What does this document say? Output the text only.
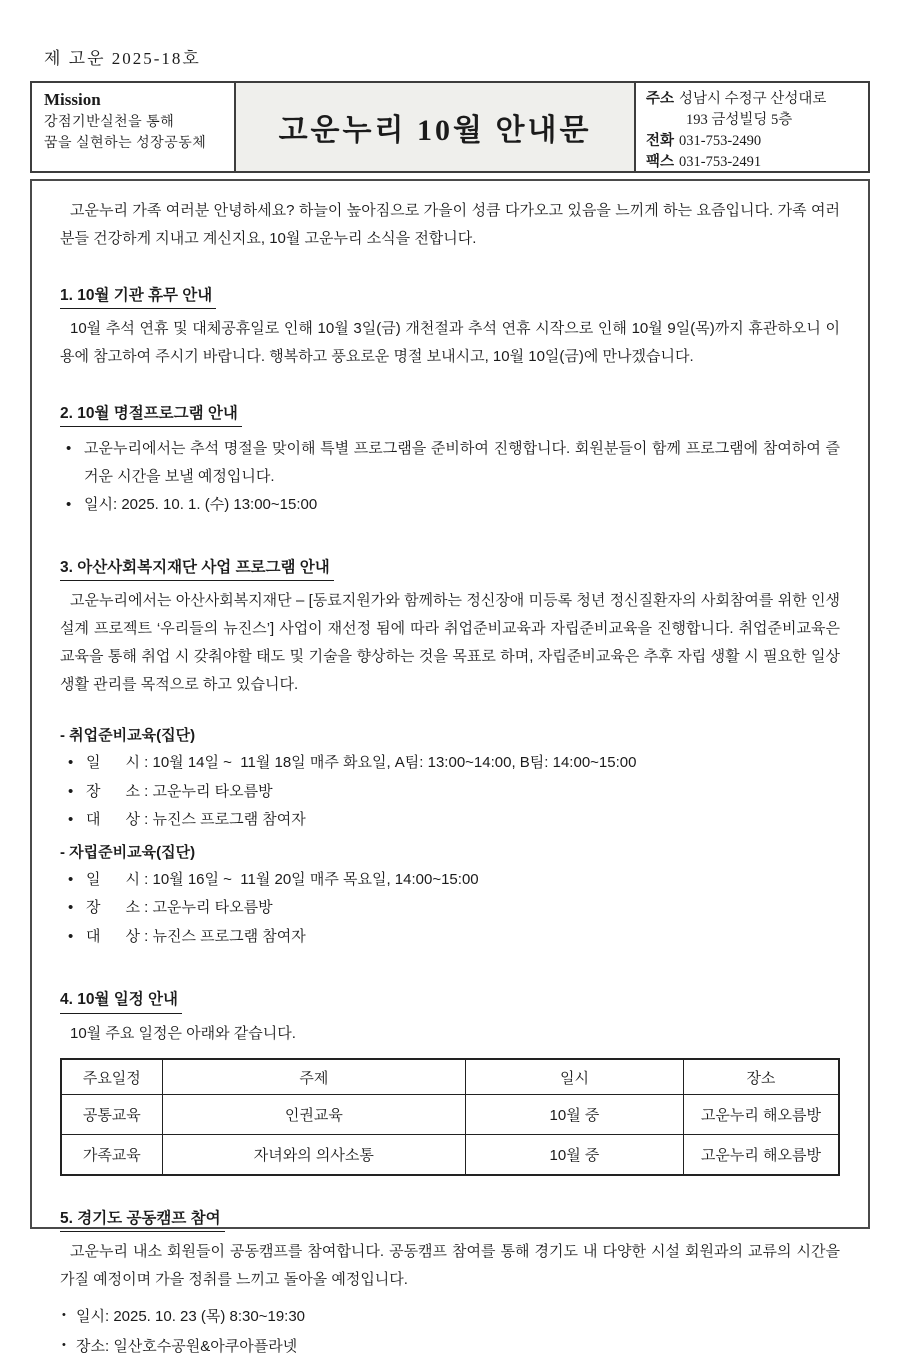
제 고운 2025-18호
Mission
강점기반실천을 통해
꿈을 실현하는 성장공동체	고운누리 10월 안내문
주소 성남시 수정구 산성대로
193 금성빌딩 5층
전화 031-753-2490
팩스 031-753-2491

고운누리 가족 여러분 안녕하세요? 하늘이 높아짐으로 가을이 성큼 다가오고 있음을 느끼게 하는 요즘입니다. 가족 여러분들 건강하게 지내고 계신지요, 10월 고운누리 소식을 전합니다.

1. 10월 기관 휴무 안내

10월 추석 연휴 및 대체공휴일로 인해 10월 3일(금) 개천절과 추석 연휴 시작으로 인해 10월 9일(목)까지 휴관하오니 이용에 참고하여 주시기 바랍니다. 행복하고 풍요로운 명절 보내시고, 10월 10일(금)에 만나겠습니다.

2. 10월 명절프로그램 안내
• 고운누리에서는 추석 명절을 맞이해 특별 프로그램을 준비하여 진행합니다. 회원분들이 함께 프로그램에 참여하여 즐거운 시간을 보낼 예정입니다.
• 일시: 2025. 10. 1. (수) 13:00~15:00
3. 아산사회복지재단 사업 프로그램 안내

고운누리에서는 아산사회복지재단 – [동료지원가와 함께하는 정신장애 미등록 청년 정신질환자의 사회참여를 위한 인생설계 프로젝트 ‘우리들의 뉴진스’] 사업이 재선정 됨에 따라 취업준비교육과 자립준비교육을 진행합니다. 취업준비교육은 교육을 통해 취업 시 갖춰야할 태도 및 기술을 향상하는 것을 목표로 하며, 자립준비교육은 추후 자립 생활 시 필요한 일상생활 관리를 목적으로 하고 있습니다.

- 취업준비교육(집단)
• 일      시 : 10월 14일 ~  11월 18일 매주 화요일, A팀: 13:00~14:00, B팀: 14:00~15:00
• 장      소 : 고운누리 타오름방
• 대      상 : 뉴진스 프로그램 참여자
- 자립준비교육(집단)
• 일      시 : 10월 16일 ~  11월 20일 매주 목요일, 14:00~15:00
• 장      소 : 고운누리 타오름방
• 대      상 : 뉴진스 프로그램 참여자
4. 10월 일정 안내

10월 주요 일정은 아래와 같습니다.

주요일정	주제	일시	장소
공통교육	인권교육	10월 중	고운누리 해오름방
가족교육	자녀와의 의사소통	10월 중	고운누리 해오름방
5. 경기도 공동캠프 참여

고운누리 내소 회원들이 공동캠프를 참여합니다. 공동캠프 참여를 통해 경기도 내 다양한 시설 회원과의 교류의 시간을 가질 예정이며 가을 정취를 느끼고 돌아올 예정입니다.

• 일시: 2025. 10. 23 (목) 8:30~19:30
• 장소: 일산호수공원&아쿠아플라넷
